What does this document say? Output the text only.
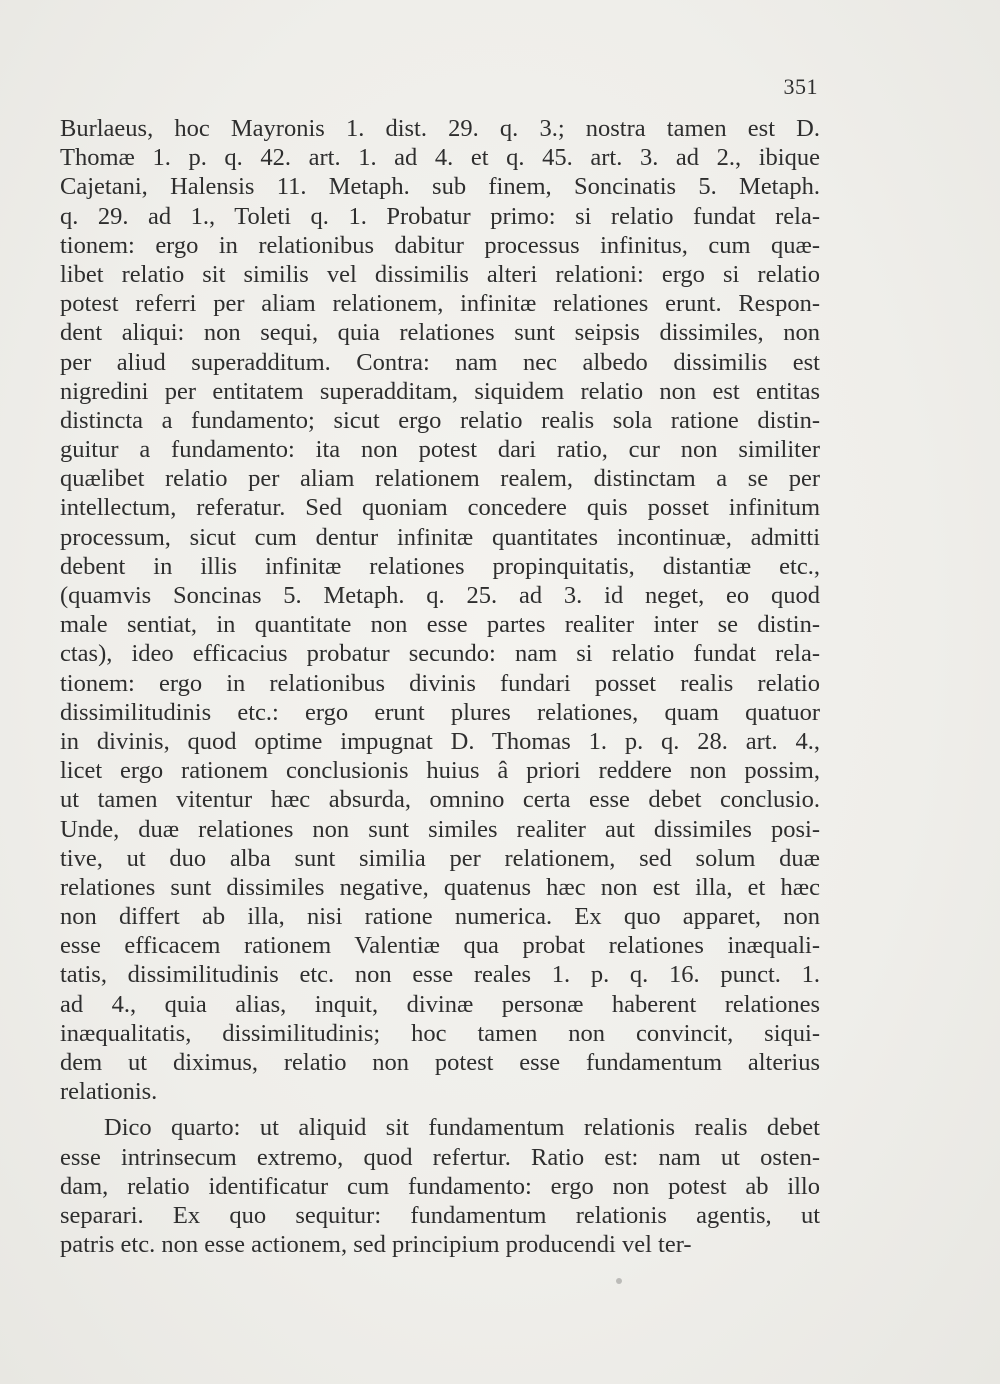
351
Burlaeus, hoc Mayronis 1. dist. 29. q. 3.; nostra tamen est D.
Thomæ 1. p. q. 42. art. 1. ad 4. et q. 45. art. 3. ad 2., ibique
Cajetani, Halensis 11. Metaph. sub finem, Soncinatis 5. Metaph.
q. 29. ad 1., Toleti q. 1. Probatur primo: si relatio fundat rela-
tionem: ergo in relationibus dabitur processus infinitus, cum quæ-
libet relatio sit similis vel dissimilis alteri relationi: ergo si relatio
potest referri per aliam relationem, infinitæ relationes erunt. Respon-
dent aliqui: non sequi, quia relationes sunt seipsis dissimiles, non
per aliud superadditum. Contra: nam nec albedo dissimilis est
nigredini per entitatem superadditam, siquidem relatio non est entitas
distincta a fundamento; sicut ergo relatio realis sola ratione distin-
guitur a fundamento: ita non potest dari ratio, cur non similiter
quælibet relatio per aliam relationem realem, distinctam a se per
intellectum, referatur. Sed quoniam concedere quis posset infinitum
processum, sicut cum dentur infinitæ quantitates incontinuæ, admitti
debent in illis infinitæ relationes propinquitatis, distantiæ etc.,
(quamvis Soncinas 5. Metaph. q. 25. ad 3. id neget, eo quod
male sentiat, in quantitate non esse partes realiter inter se distin-
ctas), ideo efficacius probatur secundo: nam si relatio fundat rela-
tionem: ergo in relationibus divinis fundari posset realis relatio
dissimilitudinis etc.: ergo erunt plures relationes, quam quatuor
in divinis, quod optime impugnat D. Thomas 1. p. q. 28. art. 4.,
licet ergo rationem conclusionis huius â priori reddere non possim,
ut tamen vitentur hæc absurda, omnino certa esse debet conclusio.
Unde, duæ relationes non sunt similes realiter aut dissimiles posi-
tive, ut duo alba sunt similia per relationem, sed solum duæ
relationes sunt dissimiles negative, quatenus hæc non est illa, et hæc
non differt ab illa, nisi ratione numerica. Ex quo apparet, non
esse efficacem rationem Valentiæ qua probat relationes inæquali-
tatis, dissimilitudinis etc. non esse reales 1. p. q. 16. punct. 1.
ad 4., quia alias, inquit, divinæ personæ haberent relationes
inæqualitatis, dissimilitudinis; hoc tamen non convincit, siqui-
dem ut diximus, relatio non potest esse fundamentum alterius
relationis.
Dico quarto: ut aliquid sit fundamentum relationis realis debet
esse intrinsecum extremo, quod refertur. Ratio est: nam ut osten-
dam, relatio identificatur cum fundamento: ergo non potest ab illo
separari. Ex quo sequitur: fundamentum relationis agentis, ut
patris etc. non esse actionem, sed principium producendi vel ter-
